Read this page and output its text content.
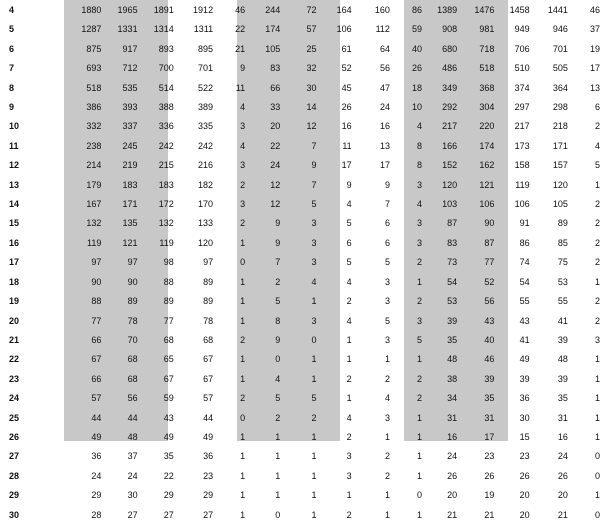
4	1880	1965	1891	1912	46	244	72	164	160	86	1389	1476	1458	1441	46
5	1287	1331	1314	1311	22	174	57	106	112	59	908	981	949	946	37
6	875	917	893	895	21	105	25	61	64	40	680	718	706	701	19
7	693	712	700	701	9	83	32	52	56	26	486	518	510	505	17
8	518	535	514	522	11	66	30	45	47	18	349	368	374	364	13
9	386	393	388	389	4	33	14	26	24	10	292	304	297	298	6
10	332	337	336	335	3	20	12	16	16	4	217	220	217	218	2
11	238	245	242	242	4	22	7	11	13	8	166	174	173	171	4
12	214	219	215	216	3	24	9	17	17	8	152	162	158	157	5
13	179	183	183	182	2	12	7	9	9	3	120	121	119	120	1
14	167	171	172	170	3	12	5	4	7	4	103	106	106	105	2
15	132	135	132	133	2	9	3	5	6	3	87	90	91	89	2
16	119	121	119	120	1	9	3	6	6	3	83	87	86	85	2
17	97	97	98	97	0	7	3	5	5	2	73	77	74	75	2
18	90	90	88	89	1	2	4	4	3	1	54	52	54	53	1
19	88	89	89	89	1	5	1	2	3	2	53	56	55	55	2
20	77	78	77	78	1	8	3	4	5	3	39	43	43	41	2
21	66	70	68	68	2	9	0	1	3	5	35	40	41	39	3
22	67	68	65	67	1	0	1	1	1	1	48	46	49	48	1
23	66	68	67	67	1	4	1	2	2	2	38	39	39	39	1
24	57	56	59	57	2	5	5	1	4	2	34	35	36	35	1
25	44	44	43	44	0	2	2	4	3	1	31	31	30	31	1
26	49	48	49	49	1	1	1	2	1	1	16	17	15	16	1
27	36	37	35	36	1	1	1	3	2	1	24	23	23	24	0
28	24	24	22	23	1	1	1	3	2	1	26	26	26	26	0
29	29	30	29	29	1	1	1	1	1	0	20	19	20	20	1
30	28	27	27	27	1	0	1	2	1	1	21	21	20	21	0
